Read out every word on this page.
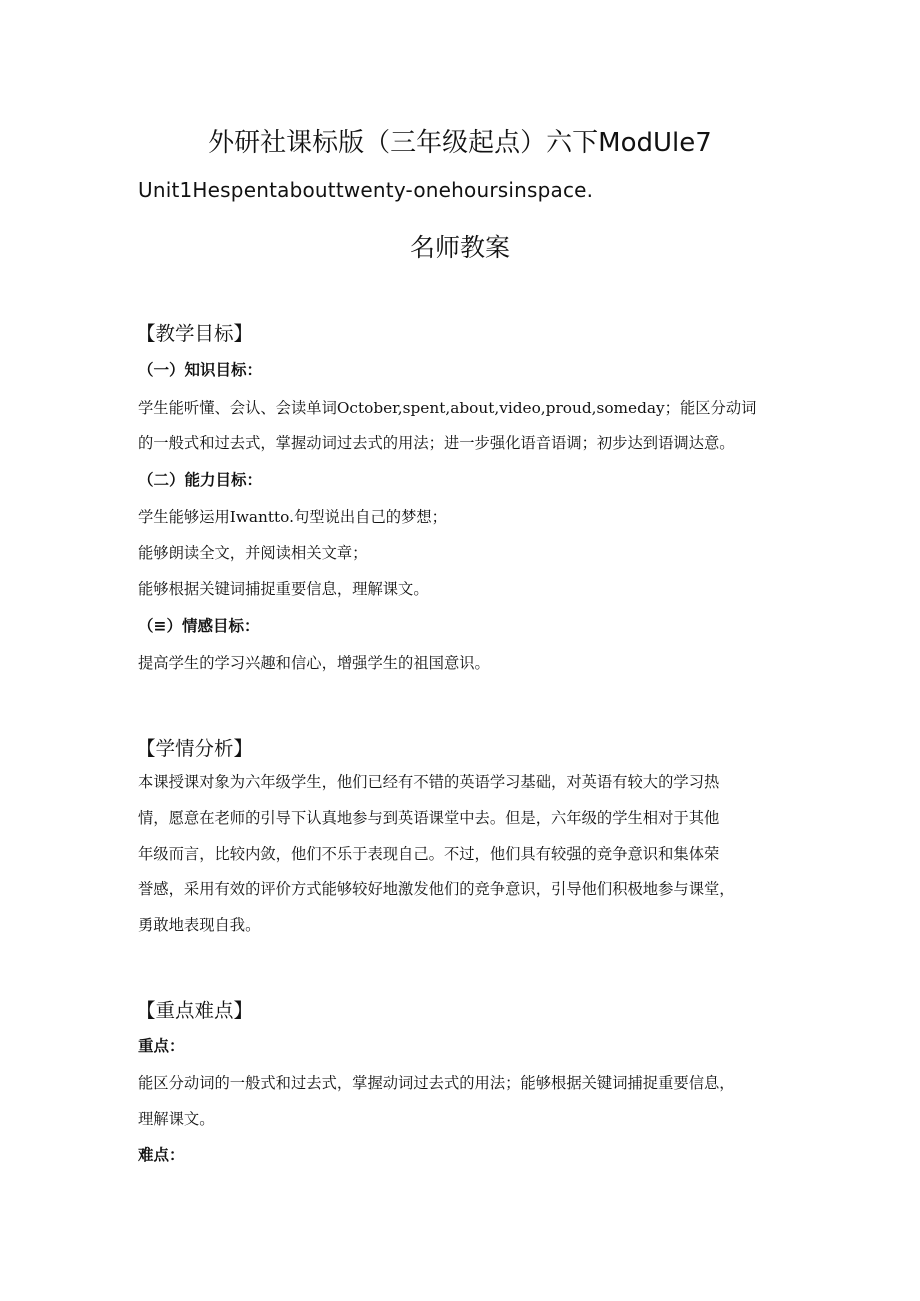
外研社课标版（三年级起点）六下ModUle7
Unit1Hespentabouttwenty-onehoursinspace.
名师教案
【教学目标】
（一）知识目标：
学生能听懂、会认、会读单词October,spent,about,video,proud,someday；能区分动词
的一般式和过去式，掌握动词过去式的用法；进一步强化语音语调；初步达到语调达意。
（二）能力目标：
学生能够运用Iwantto.句型说出自己的梦想；
能够朗读全文，并阅读相关文章；
能够根据关键词捕捉重要信息，理解课文。
（≡）情感目标：
提高学生的学习兴趣和信心，增强学生的祖国意识。
【学情分析】
本课授课对象为六年级学生，他们已经有不错的英语学习基础，对英语有较大的学习热
情，愿意在老师的引导下认真地参与到英语课堂中去。但是，六年级的学生相对于其他
年级而言，比较内敛，他们不乐于表现自己。不过，他们具有较强的竞争意识和集体荣
誉感，采用有效的评价方式能够较好地激发他们的竞争意识，引导他们积极地参与课堂，
勇敢地表现自我。
【重点难点】
重点：
能区分动词的一般式和过去式，掌握动词过去式的用法；能够根据关键词捕捉重要信息，
理解课文。
难点：
